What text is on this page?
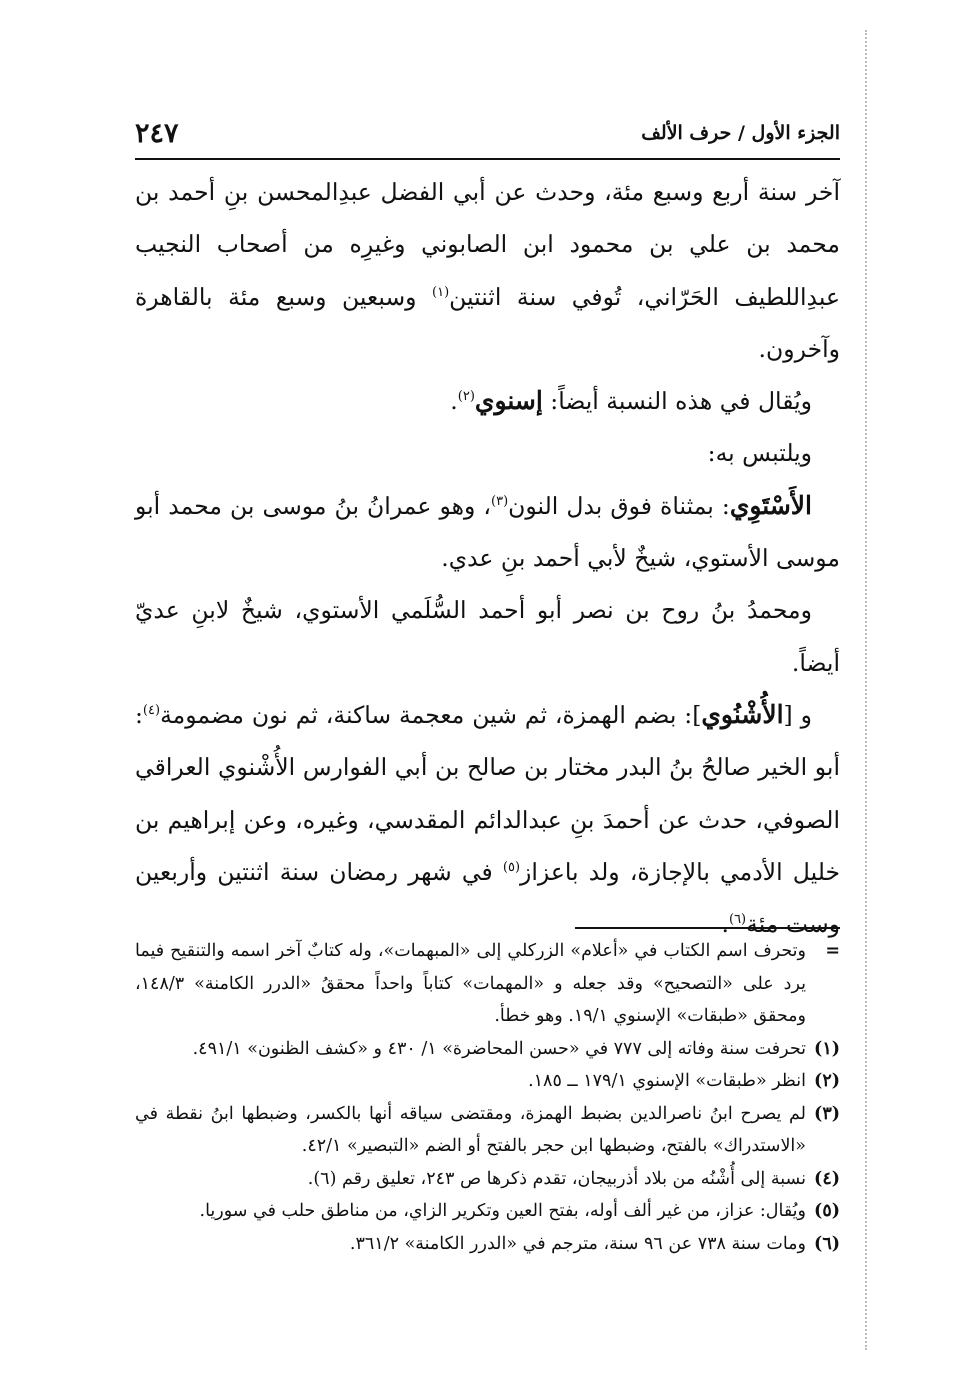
الجزء الأول / حرف الألف
٢٤٧

آخر سنة أربع وسبع مئة، وحدث عن أبي الفضل عبدِالمحسن بنِ أحمد بن محمد بن علي بن محمود ابن الصابوني وغيرِه من أصحاب النجيب عبدِاللطيف الحَرّاني، تُوفي سنة اثنتين$^{(١)}$ وسبعين وسبع مئة بالقاهرة وآخرون.

ويُقال في هذه النسبة أيضاً: إسنوي$^{(٢)}$.

ويلتبس به:

الأَسْتَوِي: بمثناة فوق بدل النون$^{(٣)}$، وهو عمرانُ بنُ موسى بن محمد أبو موسى الأستوي، شيخٌ لأبي أحمد بنِ عدي.

ومحمدُ بنُ روح بن نصر أبو أحمد السُّلَمي الأستوي، شيخٌ لابنِ عديّ أيضاً.

و [الأُشْنُوي]: بضم الهمزة، ثم شين معجمة ساكنة، ثم نون مضمومة$^{(٤)}$: أبو الخير صالحُ بنُ البدر مختار بن صالح بن أبي الفوارس الأُشْنوي العراقي الصوفي، حدث عن أحمدَ بنِ عبدالدائم المقدسي، وغيره، وعن إبراهيم بن خليل الأدمي بالإجازة، ولد باعزاز$^{(٥)}$ في شهر رمضان سنة اثنتين وأربعين وست مئة$^{(٦)}$.

=
وتحرف اسم الكتاب في «أعلام» الزركلي إلى «المبهمات»، وله كتابٌ آخر اسمه والتنقيح فيما يرد على «التصحيح» وقد جعله و «المهمات» كتاباً واحداً محققُ «الدرر الكامنة» ١٤٨/٣، ومحقق «طبقات» الإسنوي ١٩/١. وهو خطأ.

(١)
تحرفت سنة وفاته إلى ٧٧٧ في «حسن المحاضرة» ١/ ٤٣٠ و «كشف الظنون» ٤٩١/١.

(٢)
انظر «طبقات» الإسنوي ١٧٩/١ ــ ١٨٥.

(٣)
لم يصرح ابنُ ناصرالدين بضبط الهمزة، ومقتضى سياقه أنها بالكسر، وضبطها ابنُ نقطة في «الاستدراك» بالفتح، وضبطها ابن حجر بالفتح أو الضم «التبصير» ٤٢/١.

(٤)
نسبة إلى أُشْنُه من بلاد أذربيجان، تقدم ذكرها ص ٢٤٣، تعليق رقم (٦).

(٥)
ويُقال: عزاز، من غير ألف أوله، بفتح العين وتكرير الزاي، من مناطق حلب في سوريا.

(٦)
ومات سنة ٧٣٨ عن ٩٦ سنة، مترجم في «الدرر الكامنة» ٣٦١/٢.
